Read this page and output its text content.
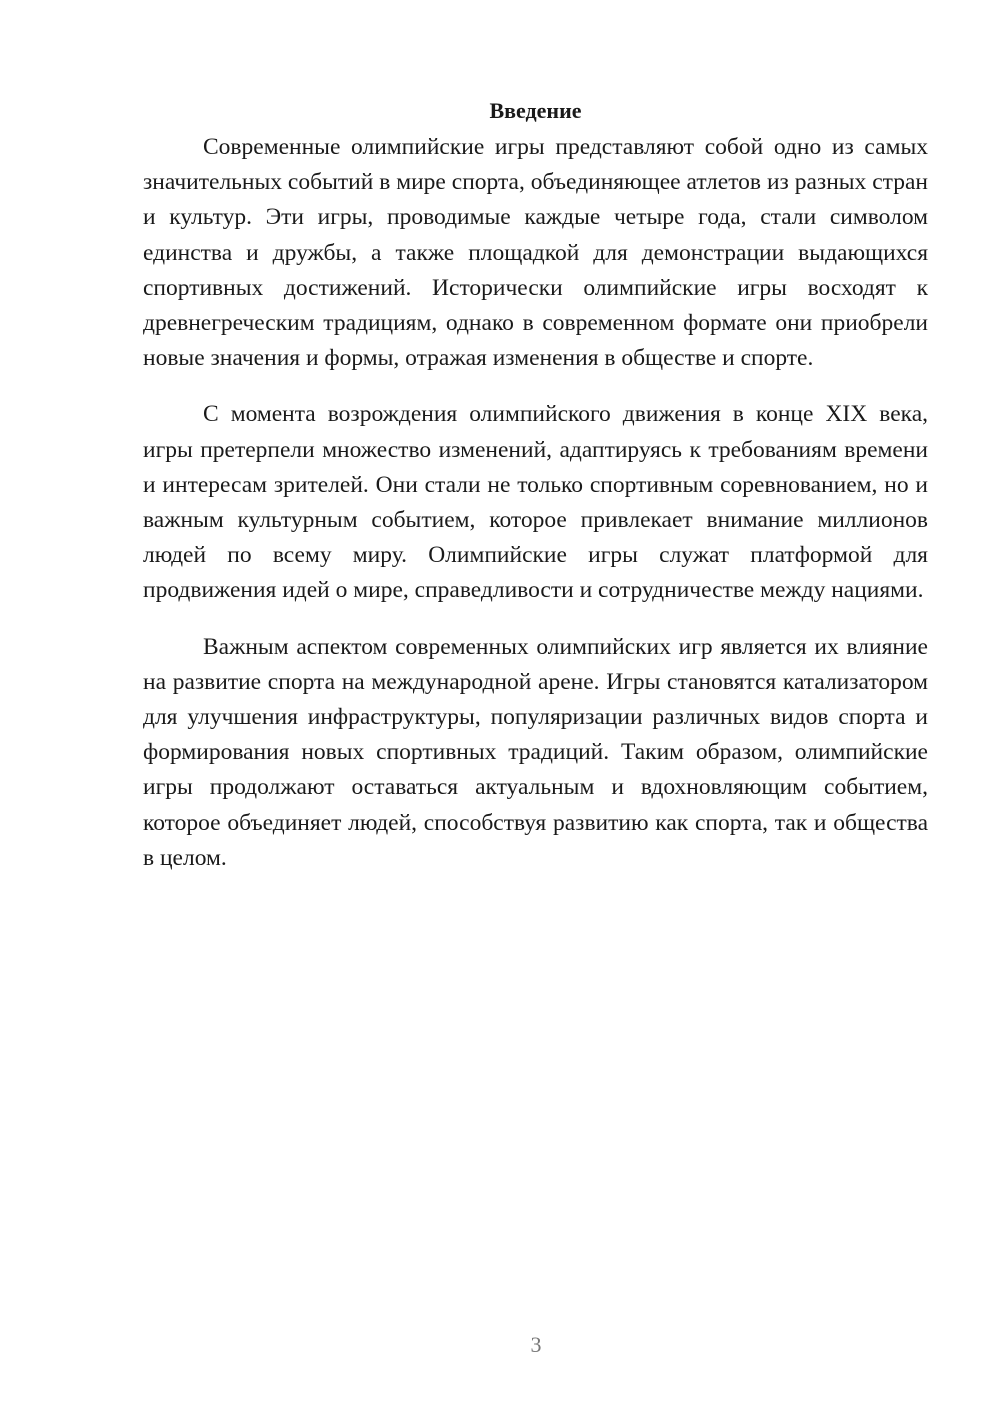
Введение

Современные олимпийские игры представляют собой одно из самых значительных событий в мире спорта, объединяющее атлетов из разных стран и культур. Эти игры, проводимые каждые четыре года, стали символом единства и дружбы, а также площадкой для демонстрации выдающихся спортивных достижений. Исторически олимпийские игры восходят к древнегреческим традициям, однако в современном формате они приобрели новые значения и формы, отражая изменения в обществе и спорте.

С момента возрождения олимпийского движения в конце XIX века, игры претерпели множество изменений, адаптируясь к требованиям времени и интересам зрителей. Они стали не только спортивным соревнованием, но и важным культурным событием, которое привлекает внимание миллионов людей по всему миру. Олимпийские игры служат платформой для продвижения идей о мире, справедливости и сотрудничестве между нациями.

Важным аспектом современных олимпийских игр является их влияние на развитие спорта на международной арене. Игры становятся катализатором для улучшения инфраструктуры, популяризации различных видов спорта и формирования новых спортивных традиций. Таким образом, олимпийские игры продолжают оставаться актуальным и вдохновляющим событием, которое объединяет людей, способствуя развитию как спорта, так и общества в целом.

3
